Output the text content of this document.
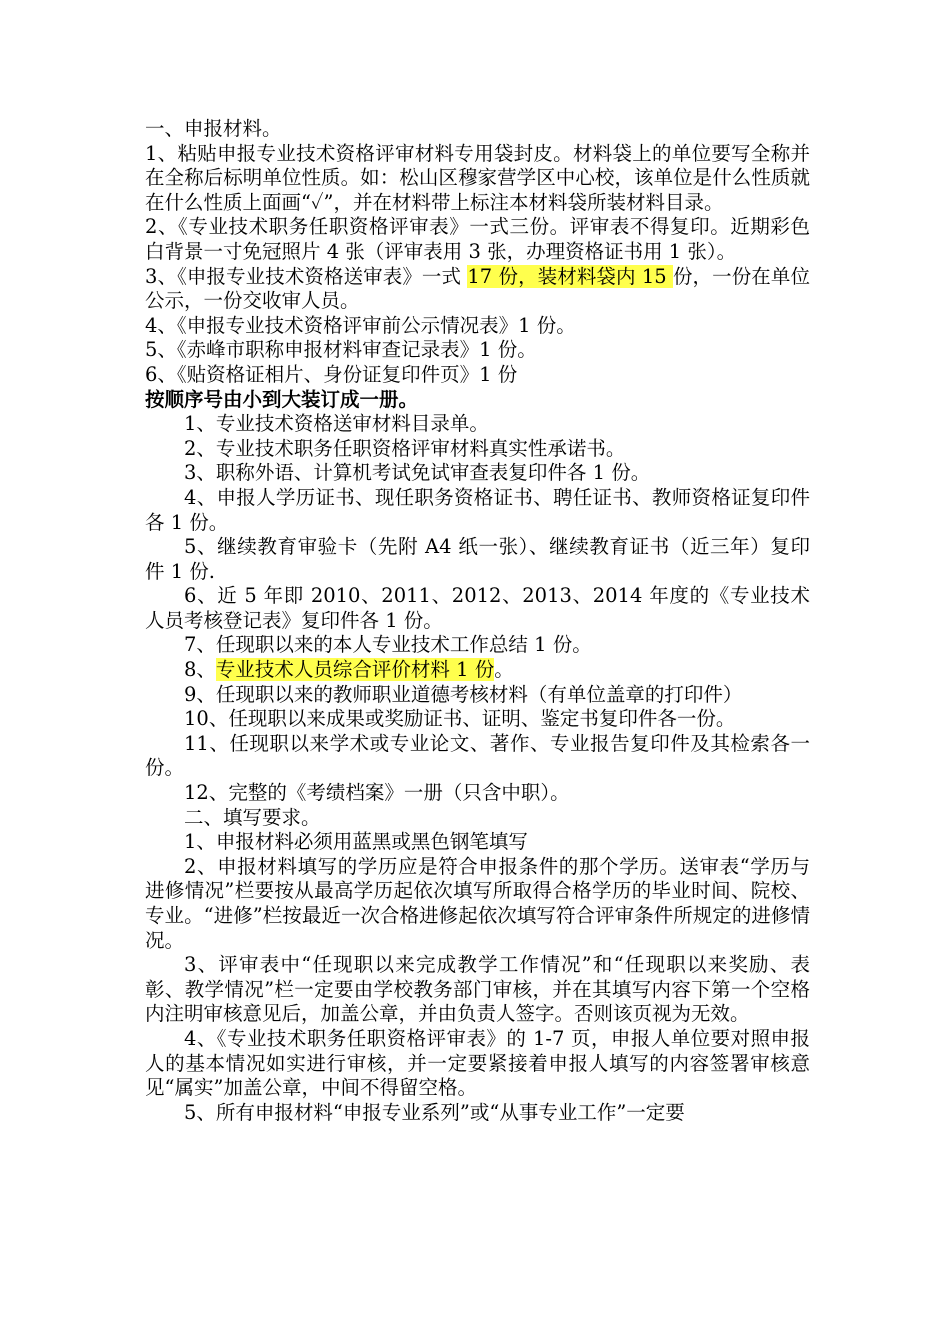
一、申报材料。

1、粘贴申报专业技术资格评审材料专用袋封皮。材料袋上的单位要写全称并在全称后标明单位性质。如：松山区穆家营学区中心校，该单位是什么性质就在什么性质上面画“✓”，并在材料带上标注本材料袋所装材料目录。

2、《专业技术职务任职资格评审表》一式三份。评审表不得复印。近期彩色白背景一寸免冠照片 4 张（评审表用 3 张，办理资格证书用 1 张）。

3、《申报专业技术资格送审表》一式 17 份，装材料袋内 15 份，一份在单位公示，一份交收审人员。

4、《申报专业技术资格评审前公示情况表》1 份。

5、《赤峰市职称申报材料审查记录表》1 份。

6、《贴资格证相片、身份证复印件页》1 份

按顺序号由小到大装订成一册。

1、专业技术资格送审材料目录单。

2、专业技术职务任职资格评审材料真实性承诺书。

3、职称外语、计算机考试免试审查表复印件各 1 份。

4、申报人学历证书、现任职务资格证书、聘任证书、教师资格证复印件各 1 份。

5、继续教育审验卡（先附 A4 纸一张）、继续教育证书（近三年）复印件 1 份.

6、近 5 年即 2010、2011、2012、2013、2014 年度的《专业技术人员考核登记表》复印件各 1 份。

7、任现职以来的本人专业技术工作总结 1 份。

8、专业技术人员综合评价材料 1 份。

9、任现职以来的教师职业道德考核材料（有单位盖章的打印件）

10、任现职以来成果或奖励证书、证明、鉴定书复印件各一份。

11、任现职以来学术或专业论文、著作、专业报告复印件及其检索各一份。

12、完整的《考绩档案》一册（只含中职）。

二、填写要求。

1、申报材料必须用蓝黑或黑色钢笔填写

2、申报材料填写的学历应是符合申报条件的那个学历。送审表“学历与进修情况”栏要按从最高学历起依次填写所取得合格学历的毕业时间、院校、专业。“进修”栏按最近一次合格进修起依次填写符合评审条件所规定的进修情况。

3、评审表中“任现职以来完成教学工作情况”和“任现职以来奖励、表彰、教学情况”栏一定要由学校教务部门审核，并在其填写内容下第一个空格内注明审核意见后，加盖公章，并由负责人签字。否则该页视为无效。

4、《专业技术职务任职资格评审表》的 1-7 页，申报人单位要对照申报人的基本情况如实进行审核，并一定要紧接着申报人填写的内容签署审核意见“属实”加盖公章，中间不得留空格。

5、所有申报材料“申报专业系列”或“从事专业工作”一定要
